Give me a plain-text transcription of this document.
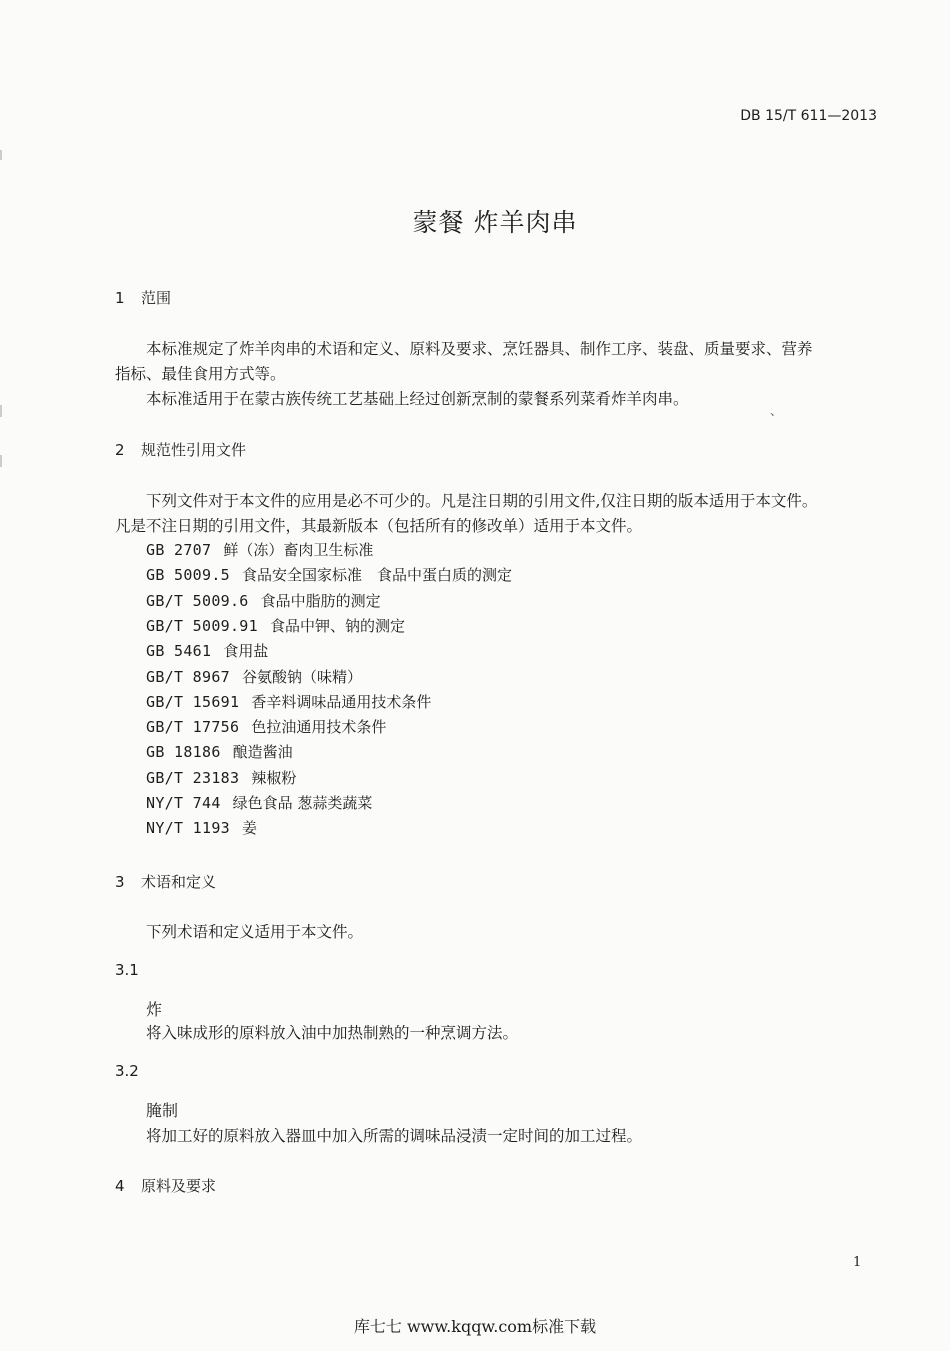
DB 15/T 611—2013
蒙餐 炸羊肉串
1 范围
本标准规定了炸羊肉串的术语和定义、原料及要求、烹饪器具、制作工序、装盘、质量要求、营养
指标、最佳食用方式等。
本标准适用于在蒙古族传统工艺基础上经过创新烹制的蒙餐系列菜肴炸羊肉串。
、
2 规范性引用文件
下列文件对于本文件的应用是必不可少的。凡是注日期的引用文件,仅注日期的版本适用于本文件。
凡是不注日期的引用文件，其最新版本（包括所有的修改单）适用于本文件。
GB 2707 鲜（冻）畜肉卫生标准
GB 5009.5 食品安全国家标准　食品中蛋白质的测定
GB/T 5009.6 食品中脂肪的测定
GB/T 5009.91 食品中钾、钠的测定
GB 5461 食用盐
GB/T 8967 谷氨酸钠（味精）
GB/T 15691 香辛料调味品通用技术条件
GB/T 17756 色拉油通用技术条件
GB 18186 酿造酱油
GB/T 23183 辣椒粉
NY/T 744 绿色食品 葱蒜类蔬菜
NY/T 1193 姜
3 术语和定义
下列术语和定义适用于本文件。
3.1
炸
将入味成形的原料放入油中加热制熟的一种烹调方法。
3.2
腌制
将加工好的原料放入器皿中加入所需的调味品浸渍一定时间的加工过程。
4 原料及要求
1
库七七 www.kqqw.com标准下载
